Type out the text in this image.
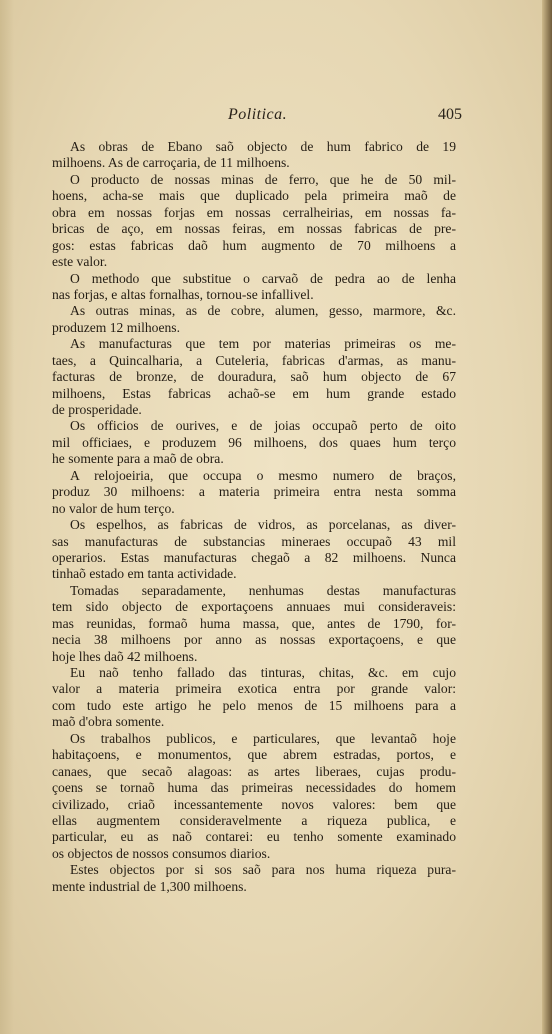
Politica.	405
As obras de Ebano saõ objecto de hum fabrico de 19
milhoens. As de carroçaria, de 11 milhoens.
O producto de nossas minas de ferro, que he de 50 mil-
hoens, acha-se mais que duplicado pela primeira maõ de
obra em nossas forjas em nossas cerralheirias, em nossas fa-
bricas de aço, em nossas feiras, em nossas fabricas de pre-
gos: estas fabricas daõ hum augmento de 70 milhoens a
este valor.
O methodo que substitue o carvaõ de pedra ao de lenha
nas forjas, e altas fornalhas, tornou-se infallivel.
As outras minas, as de cobre, alumen, gesso, marmore, &c.
produzem 12 milhoens.
As manufacturas que tem por materias primeiras os me-
taes, a Quincalharia, a Cuteleria, fabricas d'armas, as manu-
facturas de bronze, de douradura, saõ hum objecto de 67
milhoens, Estas fabricas achaõ-se em hum grande estado
de prosperidade.
Os officios de ourives, e de joias occupaõ perto de oito
mil officiaes, e produzem 96 milhoens, dos quaes hum terço
he somente para a maõ de obra.
A relojoeiria, que occupa o mesmo numero de braços,
produz 30 milhoens: a materia primeira entra nesta somma
no valor de hum terço.
Os espelhos, as fabricas de vidros, as porcelanas, as diver-
sas manufacturas de substancias mineraes occupaõ 43 mil
operarios. Estas manufacturas chegaõ a 82 milhoens. Nunca
tinhaõ estado em tanta actividade.
Tomadas separadamente, nenhumas destas manufacturas
tem sido objecto de exportaçoens annuaes mui consideraveis:
mas reunidas, formaõ huma massa, que, antes de 1790, for-
necia 38 milhoens por anno as nossas exportaçoens, e que
hoje lhes daõ 42 milhoens.
Eu naõ tenho fallado das tinturas, chitas, &c. em cujo
valor a materia primeira exotica entra por grande valor:
com tudo este artigo he pelo menos de 15 milhoens para a
maõ d'obra somente.
Os trabalhos publicos, e particulares, que levantaõ hoje
habitaçoens, e monumentos, que abrem estradas, portos, e
canaes, que secaõ alagoas: as artes liberaes, cujas produ-
çoens se tornaõ huma das primeiras necessidades do homem
civilizado, criaõ incessantemente novos valores: bem que
ellas augmentem consideravelmente a riqueza publica, e
particular, eu as naõ contarei: eu tenho somente examinado
os objectos de nossos consumos diarios.
Estes objectos por si sos saõ para nos huma riqueza pura-
mente industrial de 1,300 milhoens.
